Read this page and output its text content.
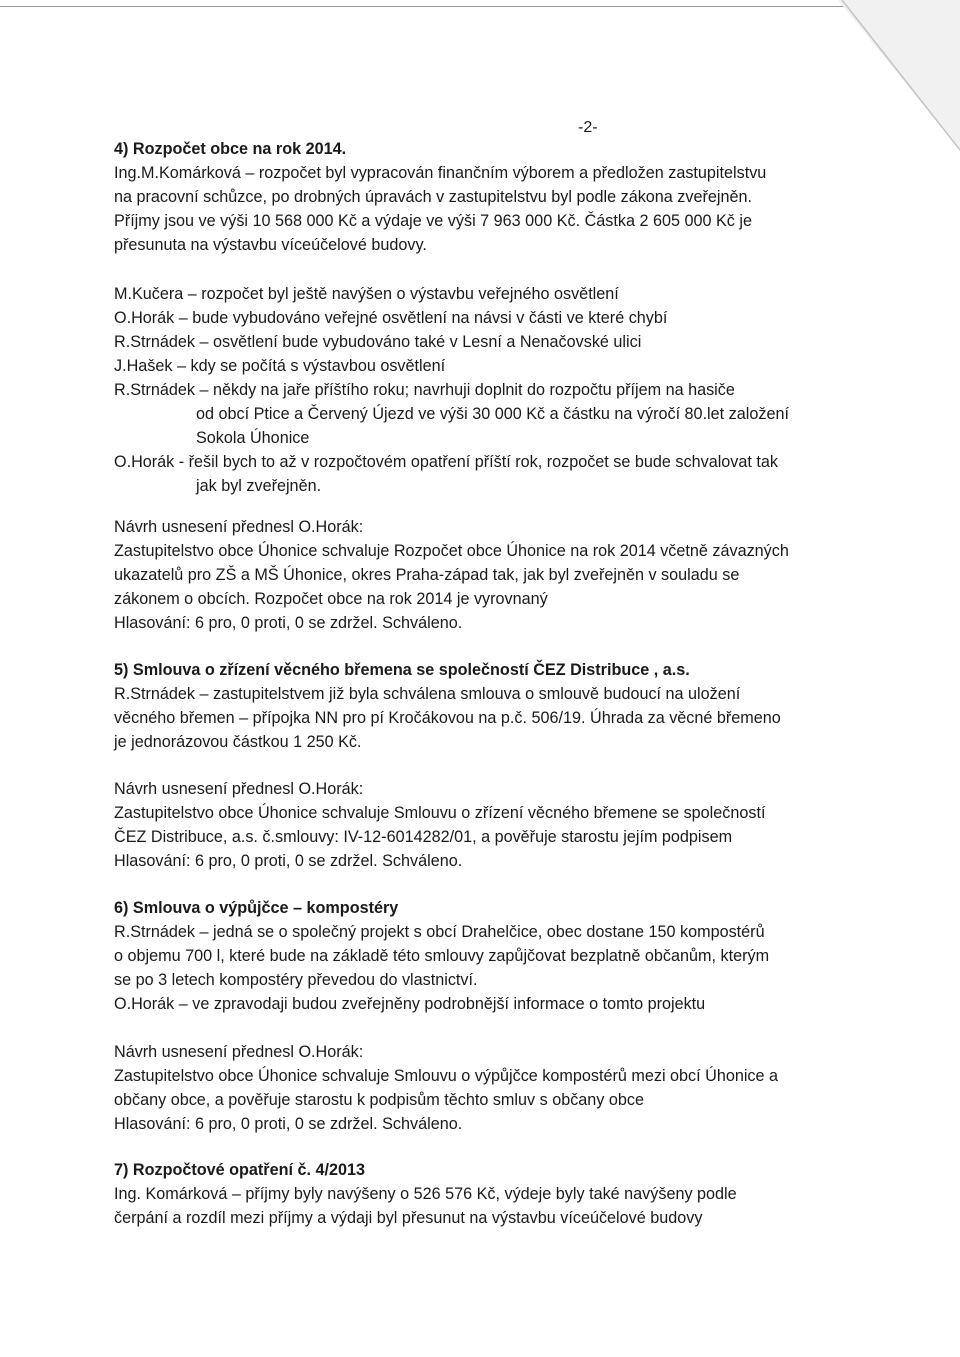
-2-
4) Rozpočet obce na rok 2014.
Ing.M.Komárková – rozpočet byl vypracován finančním výborem a předložen zastupitelstvu
na pracovní schůzce, po drobných úpravách v zastupitelstvu byl podle zákona zveřejněn.
Příjmy jsou ve výši 10 568 000 Kč a výdaje ve výši 7 963 000 Kč. Částka 2 605 000 Kč je
přesunuta na výstavbu víceúčelové budovy.
M.Kučera – rozpočet byl ještě navýšen o výstavbu veřejného osvětlení
O.Horák – bude vybudováno veřejné osvětlení na návsi v části ve které chybí
R.Strnádek – osvětlení bude vybudováno také v Lesní a Nenačovské ulici
J.Hašek – kdy se počítá s výstavbou osvětlení
R.Strnádek – někdy na jaře příštího roku; navrhuji doplnit do rozpočtu příjem na hasiče
od obcí Ptice a Červený Újezd ve výši 30 000 Kč a částku na výročí 80.let založení
Sokola Úhonice
O.Horák - řešil bych to až v rozpočtovém opatření příští rok, rozpočet se bude schvalovat tak
jak byl zveřejněn.
Návrh usnesení přednesl O.Horák:
Zastupitelstvo obce Úhonice schvaluje Rozpočet obce Úhonice na rok 2014 včetně závazných
ukazatelů pro ZŠ a MŠ Úhonice, okres Praha-západ tak, jak byl zveřejněn v souladu se
zákonem o obcích. Rozpočet obce na rok 2014 je vyrovnaný
Hlasování: 6 pro, 0 proti, 0 se zdržel. Schváleno.
5) Smlouva o zřízení věcného břemena se společností ČEZ Distribuce , a.s.
R.Strnádek – zastupitelstvem již byla schválena smlouva o smlouvě budoucí na uložení
věcného břemen – přípojka NN pro pí Kročákovou na p.č. 506/19. Úhrada za věcné břemeno
je jednorázovou částkou 1 250 Kč.
Návrh usnesení přednesl O.Horák:
Zastupitelstvo obce Úhonice schvaluje Smlouvu o zřízení věcného břemene se společností
ČEZ Distribuce, a.s. č.smlouvy: IV-12-6014282/01, a pověřuje starostu jejím podpisem
Hlasování: 6 pro, 0 proti, 0 se zdržel. Schváleno.
6) Smlouva o výpůjčce – kompostéry
R.Strnádek – jedná se o společný projekt s obcí Drahelčice, obec dostane 150 kompostérů
o objemu 700 l, které bude na základě této smlouvy zapůjčovat bezplatně občanům, kterým
se po 3 letech kompostéry převedou do vlastnictví.
O.Horák – ve zpravodaji budou zveřejněny podrobnější informace o tomto projektu
Návrh usnesení přednesl O.Horák:
Zastupitelstvo obce Úhonice schvaluje Smlouvu o výpůjčce kompostérů mezi obcí Úhonice a
občany obce, a pověřuje starostu k podpisům těchto smluv s občany obce
Hlasování: 6 pro, 0 proti, 0 se zdržel. Schváleno.
7) Rozpočtové opatření č. 4/2013
Ing. Komárková – příjmy byly navýšeny o 526 576 Kč, výdeje byly také navýšeny podle
čerpání a rozdíl mezi příjmy a výdaji byl přesunut na výstavbu víceúčelové budovy
